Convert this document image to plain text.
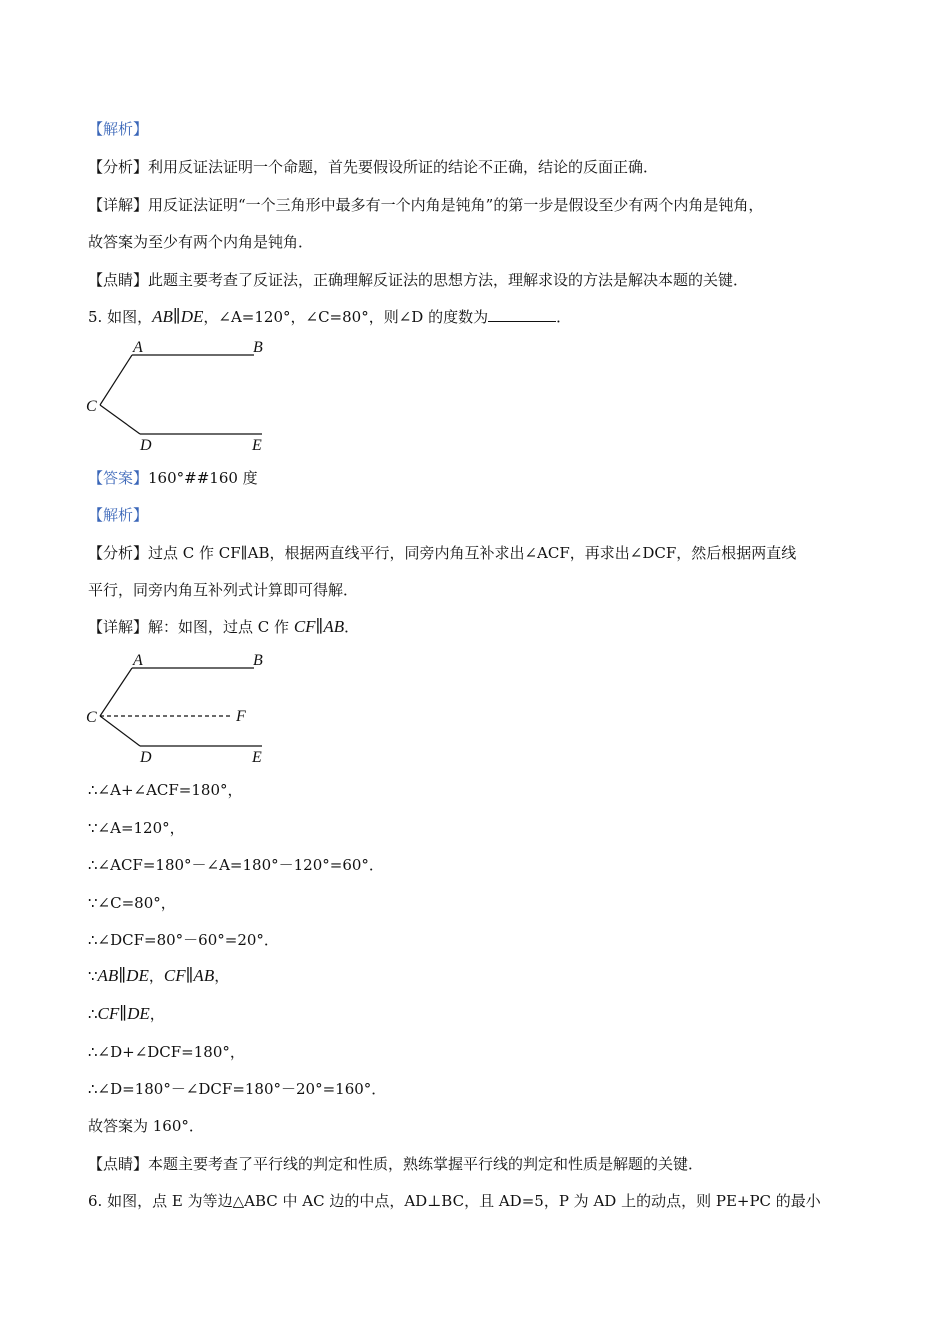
【解析】
【分析】利用反证法证明一个命题，首先要假设所证的结论不正确，结论的反面正确．
【详解】用反证法证明“一个三角形中最多有一个内角是钝角”的第一步是假设至少有两个内角是钝角，
故答案为至少有两个内角是钝角．
【点睛】此题主要考查了反证法，正确理解反证法的思想方法，理解求设的方法是解决本题的关键．
5. 如图，AB∥DE，∠A=120°，∠C=80°，则∠D 的度数为	．
A	B
C
D	E
【答案】160°##160 度
【解析】
【分析】过点 C 作 CF∥AB，根据两直线平行，同旁内角互补求出∠ACF，再求出∠DCF，然后根据两直线
平行，同旁内角互补列式计算即可得解．
【详解】解：如图，过点 C 作 CF∥AB．
A	B
C	F
D	E
∴∠A+∠ACF=180°，
∵∠A=120°，
∴∠ACF=180°－∠A=180°－120°=60°．
∵∠C=80°，
∴∠DCF=80°－60°=20°．
∵AB∥DE，CF∥AB，
∴CF∥DE，
∴∠D+∠DCF=180°，
∴∠D=180°－∠DCF=180°－20°=160°．
故答案为 160°．
【点睛】本题主要考查了平行线的判定和性质，熟练掌握平行线的判定和性质是解题的关键．
6. 如图，点 E 为等边△ABC 中 AC 边的中点，AD⊥BC，且 AD=5，P 为 AD 上的动点，则 PE+PC 的最小
